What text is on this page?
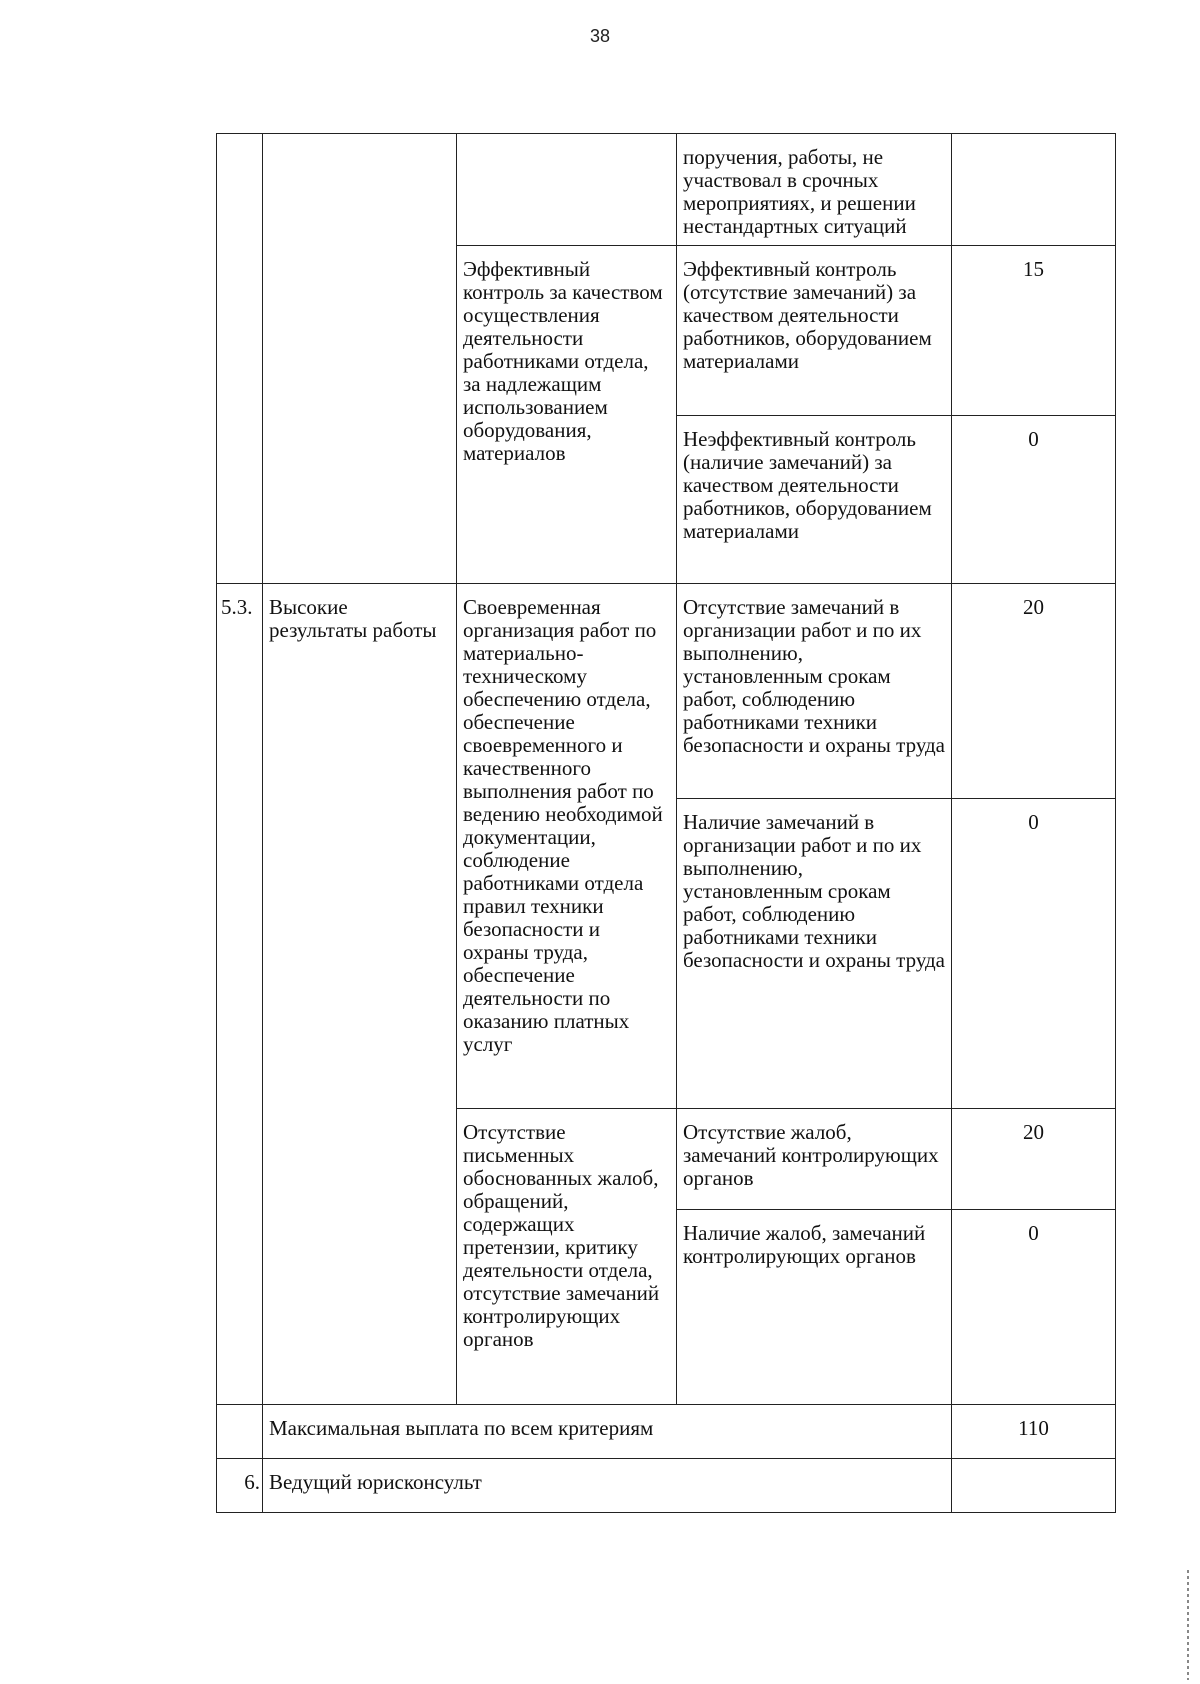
38

			поручения, работы, не участвовал в срочных мероприятиях, и решении нестандартных ситуаций	

		Эффективный контроль за качеством осуществления деятельности работниками отдела, за надлежащим использованием оборудования, материалов	Эффективный контроль (отсутствие замечаний) за качеством деятельности работников, оборудованием материалами	15

			Неэффективный контроль (наличие замечаний) за качеством деятельности работников, оборудованием материалами	0

5.3.	Высокие результаты работы	Своевременная организация работ по материально-техническому обеспечению отдела, обеспечение своевременного и качественного выполнения работ по ведению необходимой документации, соблюдение работниками отдела правил техники безопасности и охраны труда, обеспечение деятельности по оказанию платных услуг	Отсутствие замечаний в организации работ и по их выполнению, установленным срокам работ, соблюдению работниками техники безопасности и охраны труда	20

			Наличие замечаний в организации работ и по их выполнению, установленным срокам работ, соблюдению работниками техники безопасности и охраны труда	0

		Отсутствие письменных обоснованных жалоб, обращений, содержащих претензии, критику деятельности отдела, отсутствие замечаний контролирующих органов	Отсутствие жалоб, замечаний контролирующих органов	20

			Наличие жалоб, замечаний контролирующих органов	0

	Максимальная выплата по всем критериям			110

6.	Ведущий юрисконсульт			
